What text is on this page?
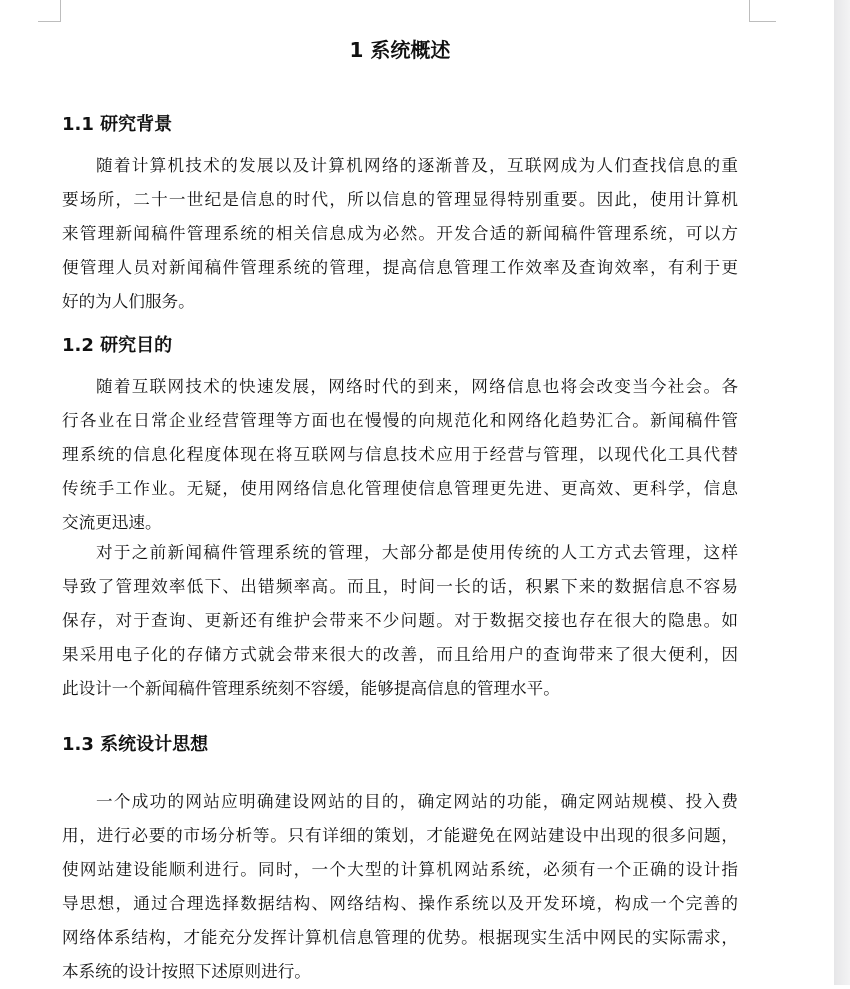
1 系统概述
1.1 研究背景
随着计算机技术的发展以及计算机网络的逐渐普及，互联网成为人们查找信息的重
要场所，二十一世纪是信息的时代，所以信息的管理显得特别重要。因此，使用计算机
来管理新闻稿件管理系统的相关信息成为必然。开发合适的新闻稿件管理系统，可以方
便管理人员对新闻稿件管理系统的管理，提高信息管理工作效率及查询效率，有利于更
好的为人们服务。
1.2 研究目的
随着互联网技术的快速发展，网络时代的到来，网络信息也将会改变当今社会。各
行各业在日常企业经营管理等方面也在慢慢的向规范化和网络化趋势汇合。新闻稿件管
理系统的信息化程度体现在将互联网与信息技术应用于经营与管理，以现代化工具代替
传统手工作业。无疑，使用网络信息化管理使信息管理更先进、更高效、更科学，信息
交流更迅速。
对于之前新闻稿件管理系统的管理，大部分都是使用传统的人工方式去管理，这样
导致了管理效率低下、出错频率高。而且，时间一长的话，积累下来的数据信息不容易
保存，对于查询、更新还有维护会带来不少问题。对于数据交接也存在很大的隐患。如
果采用电子化的存储方式就会带来很大的改善，而且给用户的查询带来了很大便利，因
此设计一个新闻稿件管理系统刻不容缓，能够提高信息的管理水平。
1.3 系统设计思想
一个成功的网站应明确建设网站的目的，确定网站的功能，确定网站规模、投入费
用，进行必要的市场分析等。只有详细的策划，才能避免在网站建设中出现的很多问题，
使网站建设能顺利进行。同时，一个大型的计算机网站系统，必须有一个正确的设计指
导思想，通过合理选择数据结构、网络结构、操作系统以及开发环境，构成一个完善的
网络体系结构，才能充分发挥计算机信息管理的优势。根据现实生活中网民的实际需求，
本系统的设计按照下述原则进行。
